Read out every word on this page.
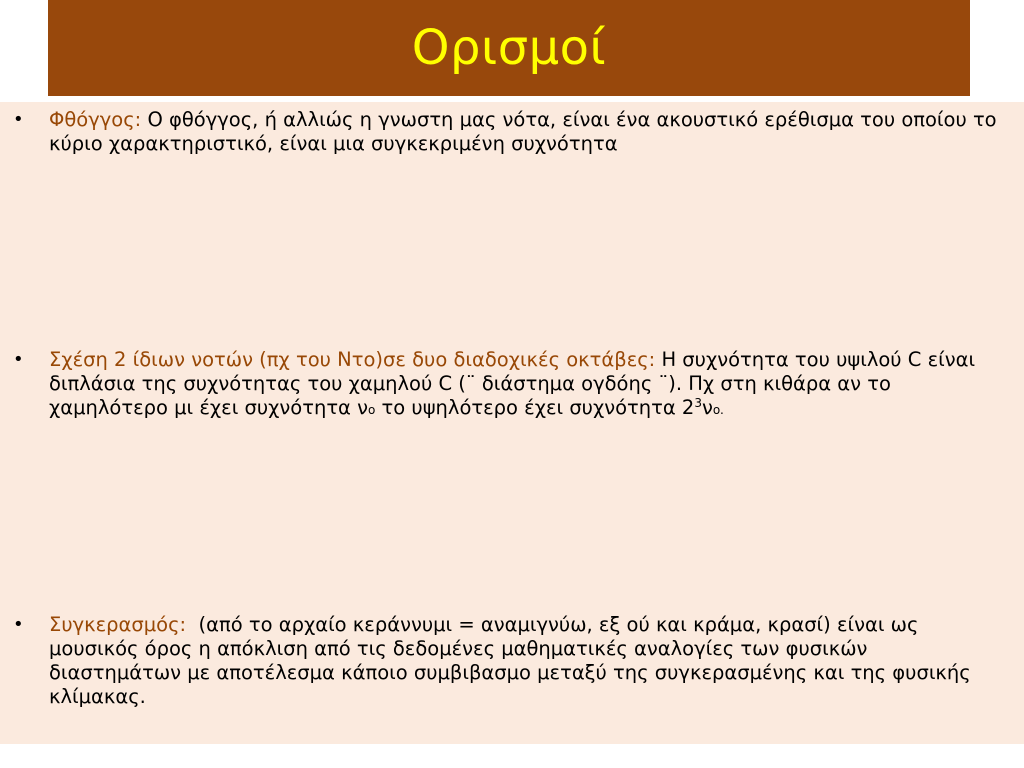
Ορισμοί
• Φθόγγος: Ο φθόγγος, ή αλλιώς η γνωστη μας νότα, είναι ένα ακουστικό ερέθισμα του οποίου το κύριο χαρακτηριστικό, είναι μια συγκεκριμένη συχνότητα
• Σχέση 2 ίδιων νοτών (πχ του Ντο)σε δυο διαδοχικές οκτάβες: Η συχνότητα του υψιλού C είναι διπλάσια της συχνότητας του χαμηλού C (¨ διάστημα ογδόης ¨). Πχ στη κιθάρα αν το χαμηλότερο μι έχει συχνότητα νo το υψηλότερο έχει συχνότητα $2^3\nu o$.
• Συγκερασμός:  (από το αρχαίο κεράννυμι = αναμιγνύω, εξ ού και κράμα, κρασί) είναι ως μουσικός όρος η απόκλιση από τις δεδομένες μαθηματικές αναλογίες των φυσικών διαστημάτων με αποτέλεσμα κάποιο συμβιβασμο μεταξύ της συγκερασμένης και της φυσικής κλίμακας.
